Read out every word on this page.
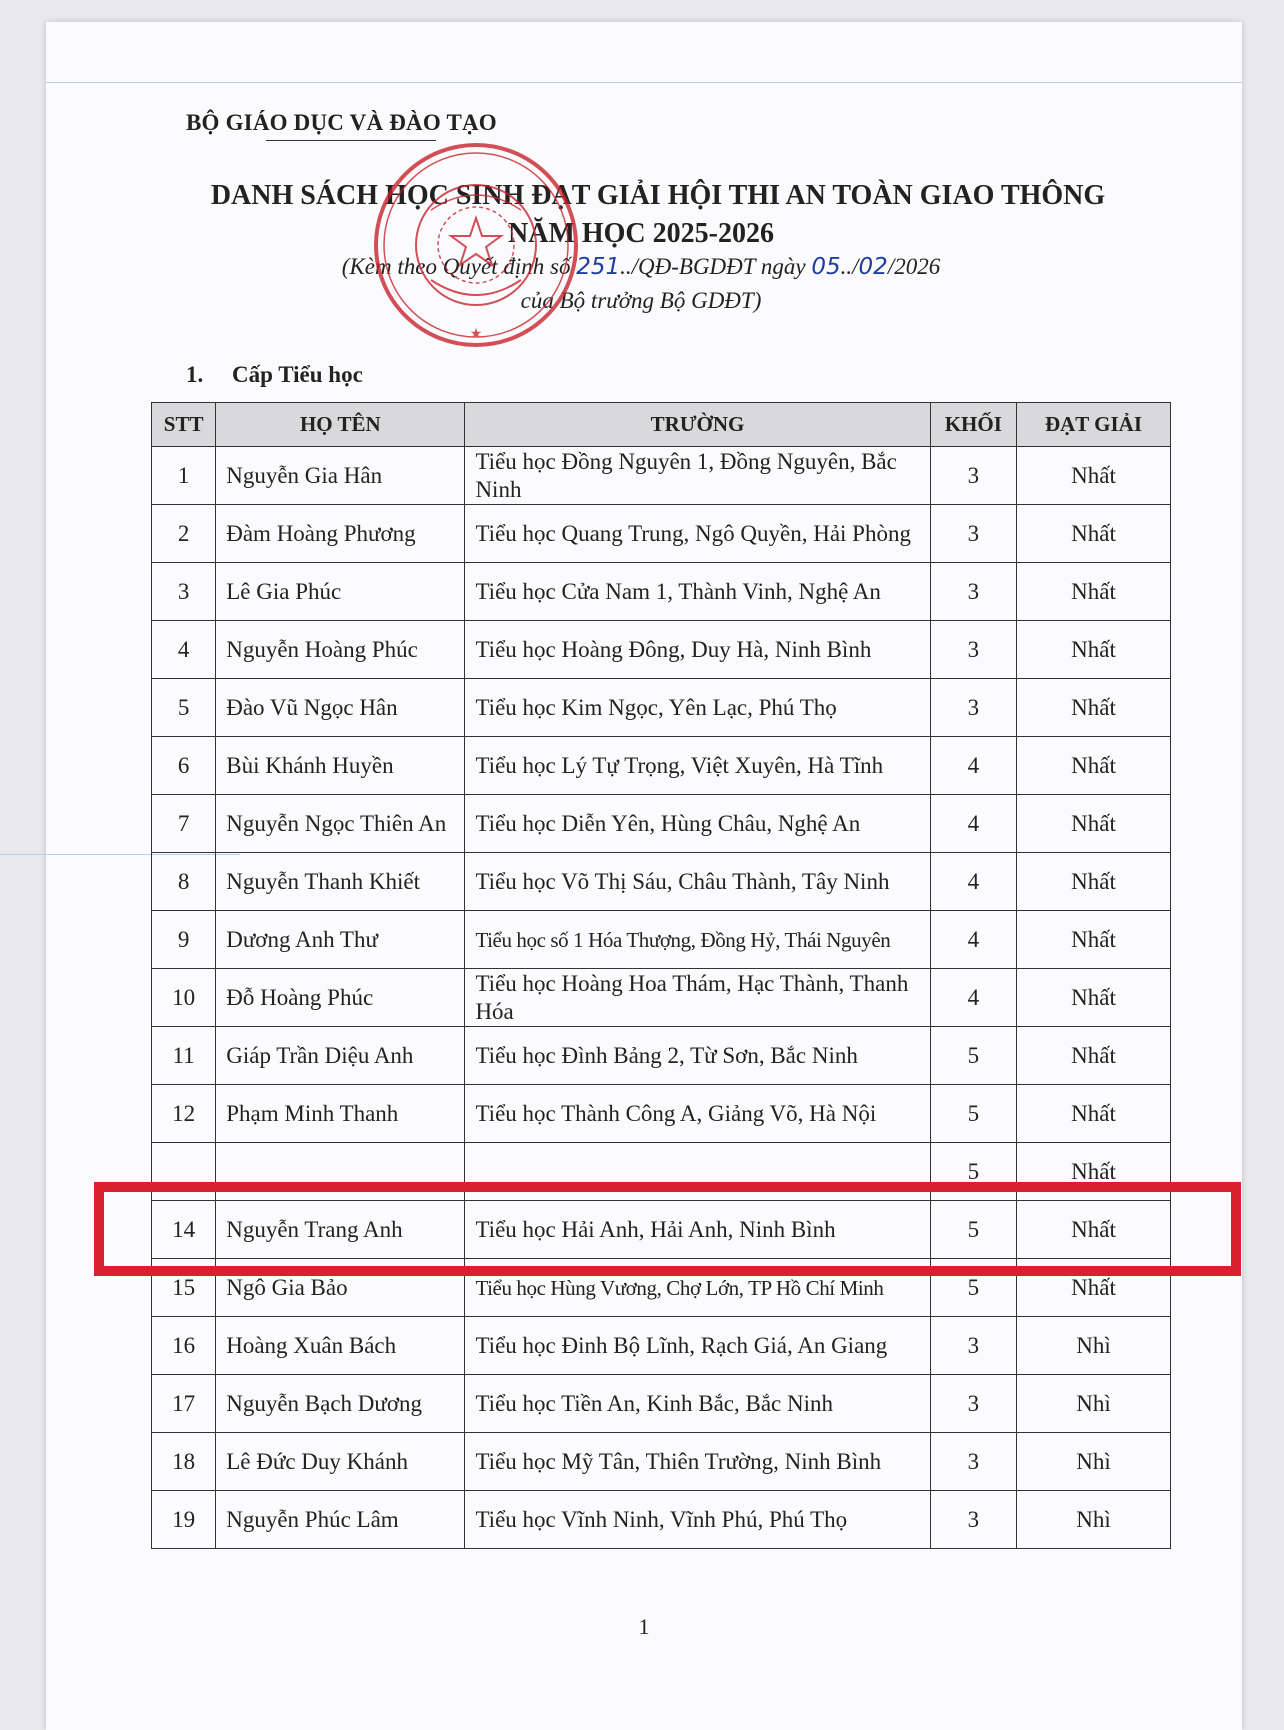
BỘ GIÁO DỤC VÀ ĐÀO TẠO
DANH SÁCH HỌC SINH ĐẠT GIẢI HỘI THI AN TOÀN GIAO THÔNG
NĂM HỌC 2025-2026
(Kèm theo Quyết định số 251../QĐ-BGDĐT ngày 05../02/2026
của Bộ trưởng Bộ GDĐT)
★
1. Cấp Tiểu học
STT	HỌ TÊN	TRƯỜNG	KHỐI	ĐẠT GIẢI
1	Nguyễn Gia Hân	Tiểu học Đồng Nguyên 1, Đồng Nguyên, Bắc Ninh	3	Nhất
2	Đàm Hoàng Phương	Tiểu học Quang Trung, Ngô Quyền, Hải Phòng	3	Nhất
3	Lê Gia Phúc	Tiểu học Cửa Nam 1, Thành Vinh, Nghệ An	3	Nhất
4	Nguyễn Hoàng Phúc	Tiểu học Hoàng Đông, Duy Hà, Ninh Bình	3	Nhất
5	Đào Vũ Ngọc Hân	Tiểu học Kim Ngọc, Yên Lạc, Phú Thọ	3	Nhất
6	Bùi Khánh Huyền	Tiểu học Lý Tự Trọng, Việt Xuyên, Hà Tĩnh	4	Nhất
7	Nguyễn Ngọc Thiên An	Tiểu học Diễn Yên, Hùng Châu, Nghệ An	4	Nhất
8	Nguyễn Thanh Khiết	Tiểu học Võ Thị Sáu, Châu Thành, Tây Ninh	4	Nhất
9	Dương Anh Thư	Tiểu học số 1 Hóa Thượng, Đồng Hỷ, Thái Nguyên	4	Nhất
10	Đỗ Hoàng Phúc	Tiểu học Hoàng Hoa Thám, Hạc Thành, Thanh Hóa	4	Nhất
11	Giáp Trần Diệu Anh	Tiểu học Đình Bảng 2, Từ Sơn, Bắc Ninh	5	Nhất
12	Phạm Minh Thanh	Tiểu học Thành Công A, Giảng Võ, Hà Nội	5	Nhất
			5	Nhất
14	Nguyễn Trang Anh	Tiểu học Hải Anh, Hải Anh, Ninh Bình	5	Nhất
15	Ngô Gia Bảo	Tiểu học Hùng Vương, Chợ Lớn, TP Hồ Chí Minh	5	Nhất
16	Hoàng Xuân Bách	Tiểu học Đinh Bộ Lĩnh, Rạch Giá, An Giang	3	Nhì
17	Nguyễn Bạch Dương	Tiểu học Tiền An, Kinh Bắc, Bắc Ninh	3	Nhì
18	Lê Đức Duy Khánh	Tiểu học Mỹ Tân, Thiên Trường, Ninh Bình	3	Nhì
19	Nguyễn Phúc Lâm	Tiểu học Vĩnh Ninh, Vĩnh Phú, Phú Thọ	3	Nhì
1
